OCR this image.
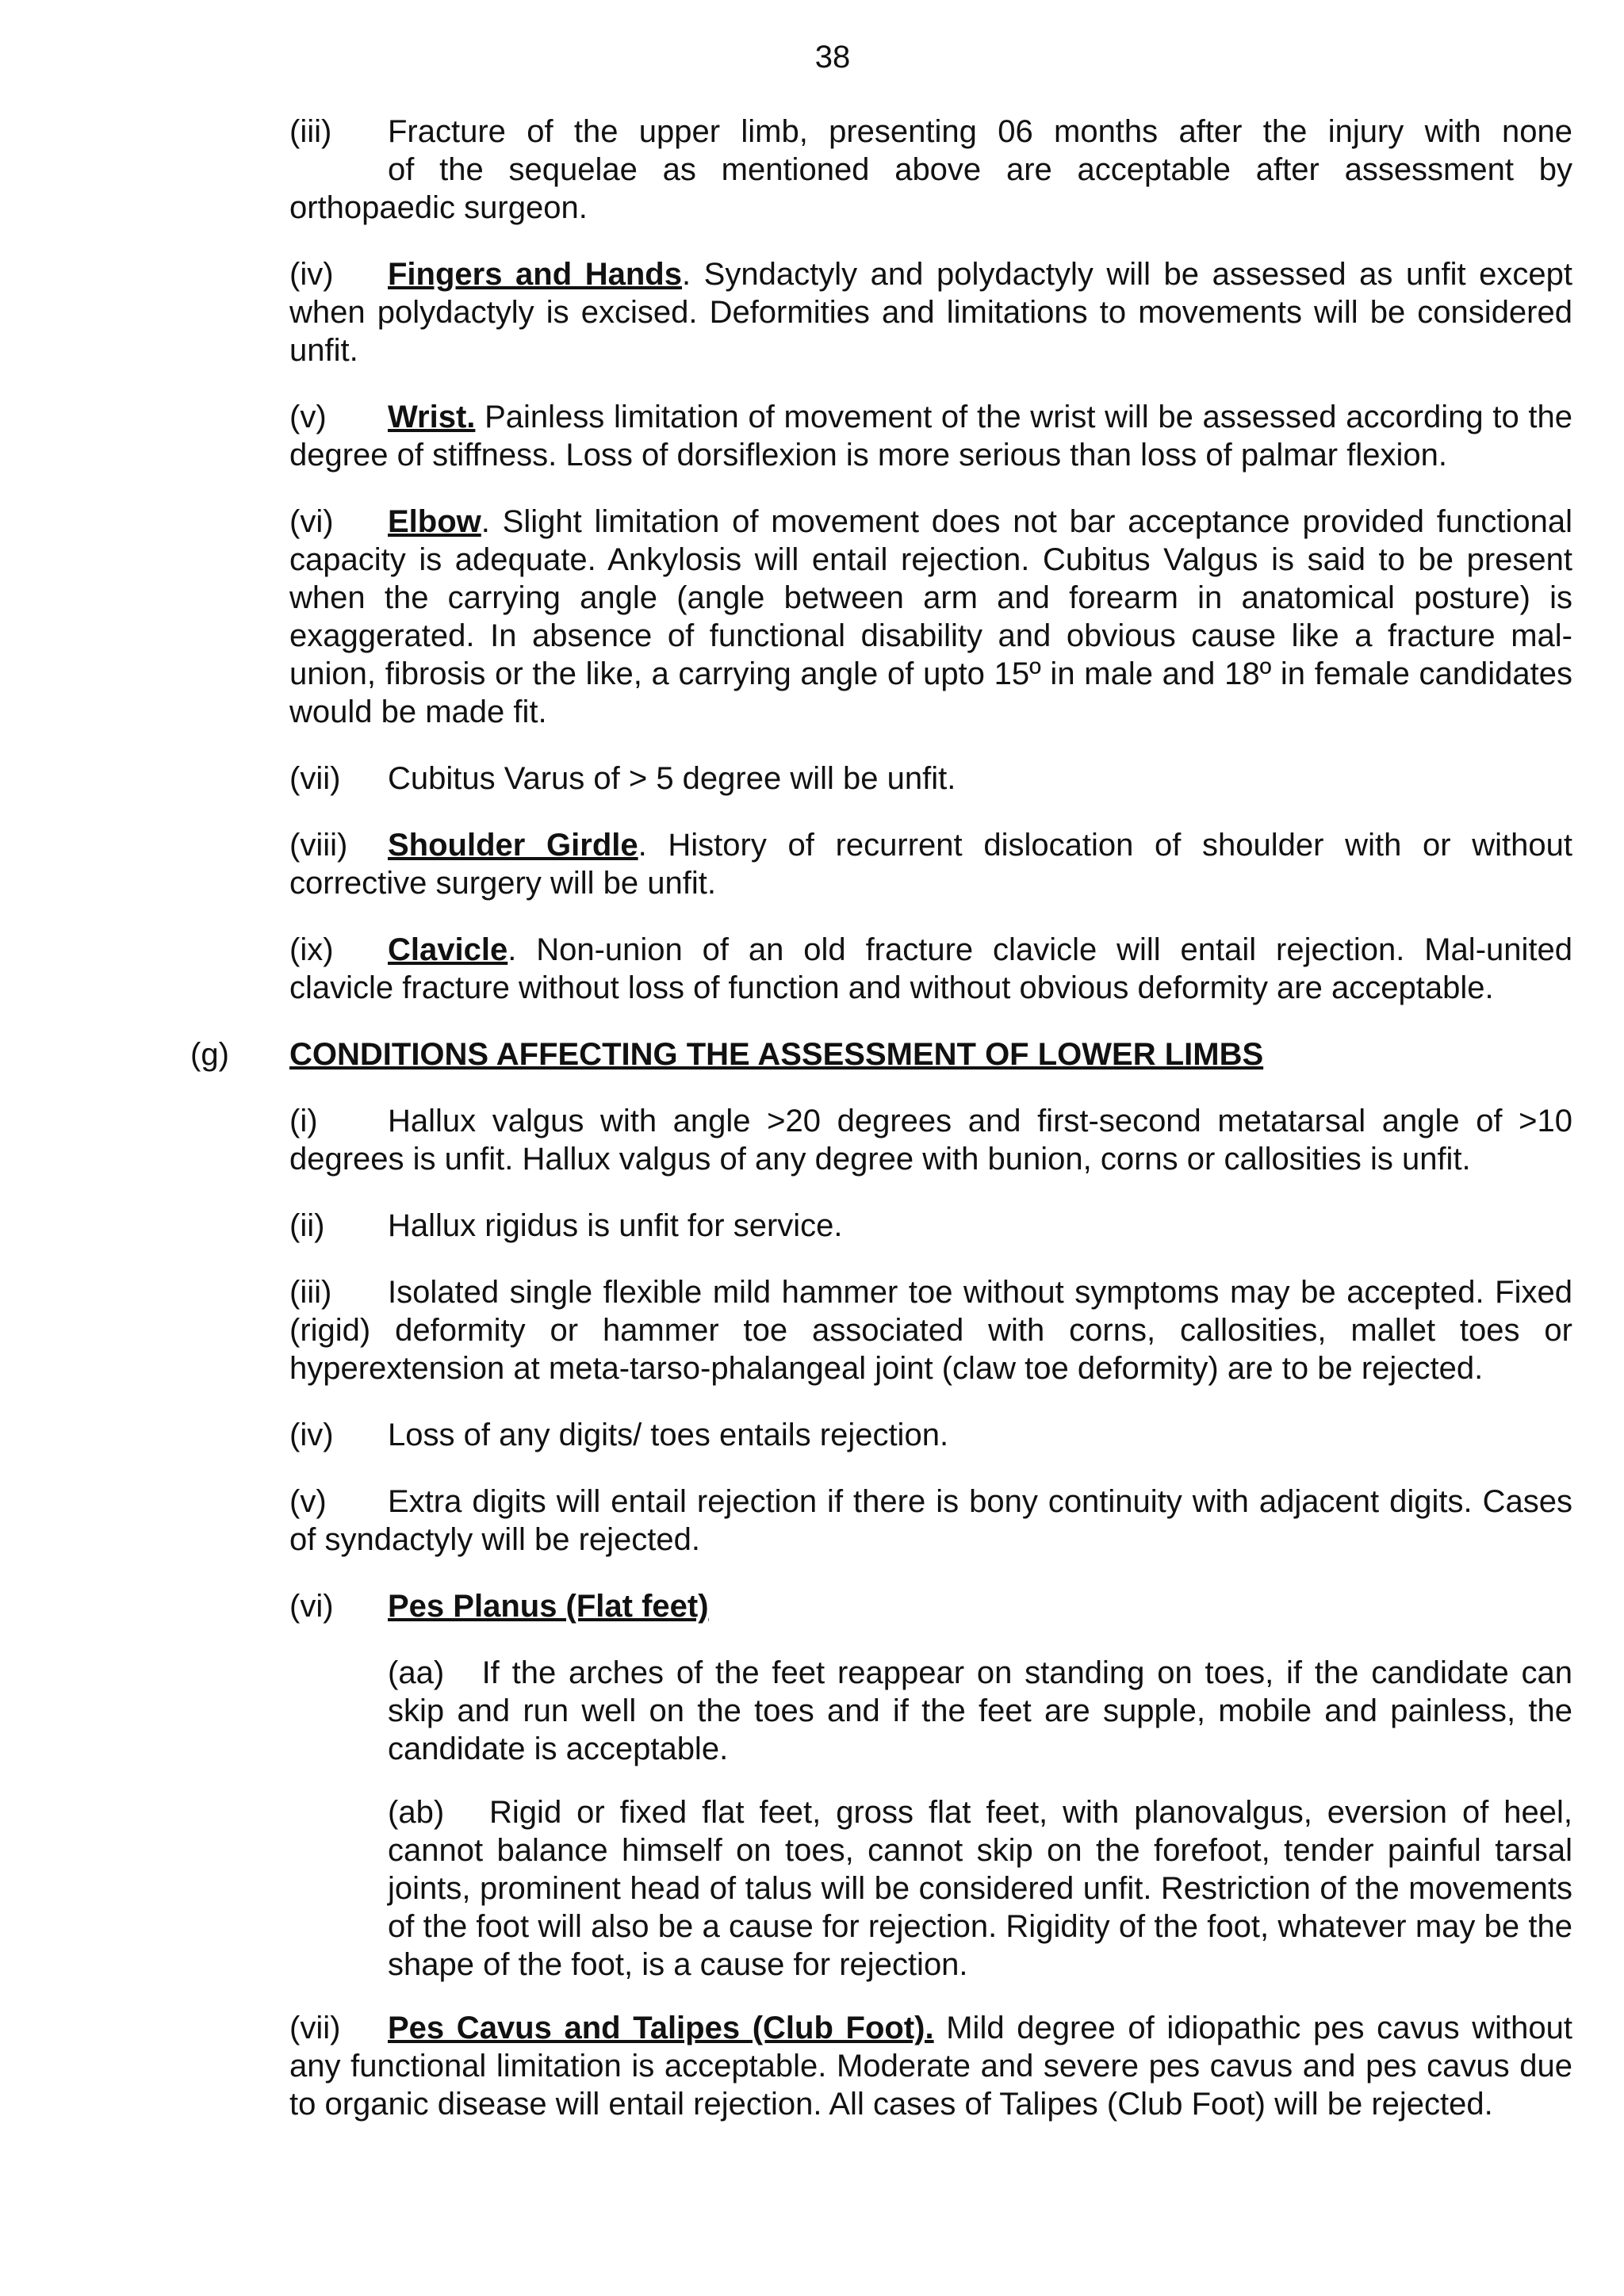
38

(iii) Fracture of the upper limb, presenting 06 months after the injury with none
of the sequelae as mentioned above are acceptable after assessment by
orthopaedic surgeon.

(iv) Fingers and Hands. Syndactyly and polydactyly will be assessed as unfit except when polydactyly is excised. Deformities and limitations to movements will be considered unfit.

(v) Wrist. Painless limitation of movement of the wrist will be assessed according to the degree of stiffness. Loss of dorsiflexion is more serious than loss of palmar flexion.

(vi) Elbow. Slight limitation of movement does not bar acceptance provided functional capacity is adequate. Ankylosis will entail rejection. Cubitus Valgus is said to be present when the carrying angle (angle between arm and forearm in anatomical posture) is exaggerated. In absence of functional disability and obvious cause like a fracture mal-union, fibrosis or the like, a carrying angle of upto 15º in male and 18º in female candidates would be made fit.

(vii) Cubitus Varus of > 5 degree will be unfit.

(viii) Shoulder Girdle. History of recurrent dislocation of shoulder with or without corrective surgery will be unfit.

(ix) Clavicle. Non-union of an old fracture clavicle will entail rejection. Mal-united clavicle fracture without loss of function and without obvious deformity are acceptable.

(g) CONDITIONS AFFECTING THE ASSESSMENT OF LOWER LIMBS

(i) Hallux valgus with angle >20 degrees and first-second metatarsal angle of >10 degrees is unfit. Hallux valgus of any degree with bunion, corns or callosities is unfit.

(ii) Hallux rigidus is unfit for service.

(iii) Isolated single flexible mild hammer toe without symptoms may be accepted. Fixed (rigid) deformity or hammer toe associated with corns, callosities, mallet toes or hyperextension at meta-tarso-phalangeal joint (claw toe deformity) are to be rejected.

(iv) Loss of any digits/ toes entails rejection.

(v) Extra digits will entail rejection if there is bony continuity with adjacent digits. Cases of syndactyly will be rejected.

(vi) Pes Planus (Flat feet)

(aa) If the arches of the feet reappear on standing on toes, if the candidate can skip and run well on the toes and if the feet are supple, mobile and painless, the candidate is acceptable.

(ab) Rigid or fixed flat feet, gross flat feet, with planovalgus, eversion of heel, cannot balance himself on toes, cannot skip on the forefoot, tender painful tarsal joints, prominent head of talus will be considered unfit. Restriction of the movements of the foot will also be a cause for rejection. Rigidity of the foot, whatever may be the shape of the foot, is a cause for rejection.

(vii) Pes Cavus and Talipes (Club Foot). Mild degree of idiopathic pes cavus without any functional limitation is acceptable. Moderate and severe pes cavus and pes cavus due to organic disease will entail rejection. All cases of Talipes (Club Foot) will be rejected.
